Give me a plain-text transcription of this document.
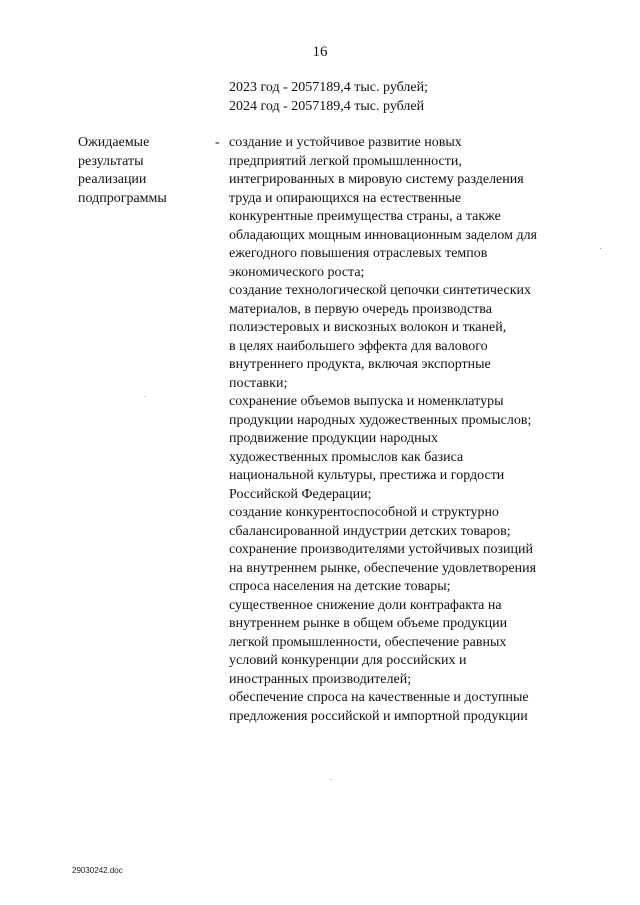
16
2023 год - 2057189,4 тыс. рублей;
2024 год - 2057189,4 тыс. рублей
Ожидаемые
результаты
реализации
подпрограммы
- создание и устойчивое развитие новых
предприятий легкой промышленности,
интегрированных в мировую систему разделения
труда и опирающихся на естественные
конкурентные преимущества страны, а также
обладающих мощным инновационным заделом для
ежегодного повышения отраслевых темпов
экономического роста;
создание технологической цепочки синтетических
материалов, в первую очередь производства
полиэстеровых и вискозных волокон и тканей,
в целях наибольшего эффекта для валового
внутреннего продукта, включая экспортные
поставки;
сохранение объемов выпуска и номенклатуры
продукции народных художественных промыслов;
продвижение продукции народных
художественных промыслов как базиса
национальной культуры, престижа и гордости
Российской Федерации;
создание конкурентоспособной и структурно
сбалансированной индустрии детских товаров;
сохранение производителями устойчивых позиций
на внутреннем рынке, обеспечение удовлетворения
спроса населения на детские товары;
существенное снижение доли контрафакта на
внутреннем рынке в общем объеме продукции
легкой промышленности, обеспечение равных
условий конкуренции для российских и
иностранных производителей;
обеспечение спроса на качественные и доступные
предложения российской и импортной продукции
29030242.doc
